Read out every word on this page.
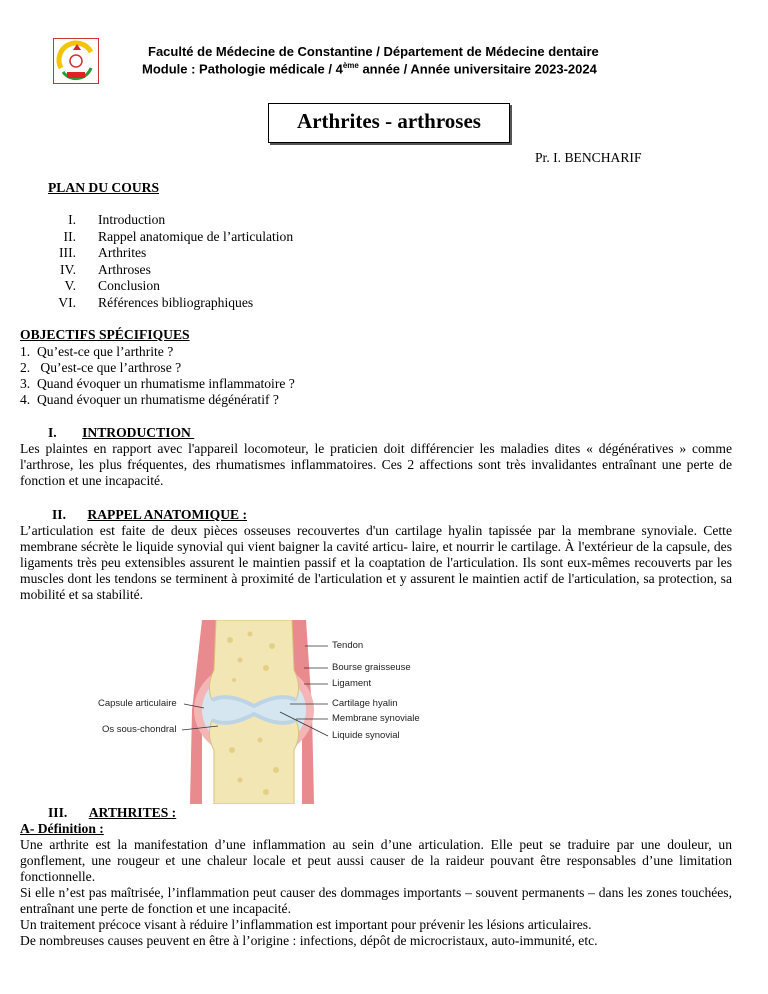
Faculté de Médecine de Constantine / Département de Médecine dentaire
Module : Pathologie médicale / 4ème année / Année universitaire 2023-2024
Arthrites - arthroses
Pr. I. BENCHARIF
PLAN DU COURS
I. Introduction
II. Rappel anatomique de l’articulation
III. Arthrites
IV. Arthroses
V. Conclusion
VI. Références bibliographiques
OBJECTIFS SPÉCIFIQUES
1.  Qu’est-ce que l’arthrite ?
2.   Qu’est-ce que l’arthrose ?
3.  Quand évoquer un rhumatisme inflammatoire ?
4.  Quand évoquer un rhumatisme dégénératif ?
I. INTRODUCTION
Les plaintes en rapport avec l'appareil locomoteur, le praticien doit différencier les maladies dites « dégénératives » comme l'arthrose, les plus fréquentes, des rhumatismes inflammatoires. Ces 2 affections sont très invalidantes entraînant une perte de fonction et une incapacité.
II. RAPPEL ANATOMIQUE :
L’articulation est faite de deux pièces osseuses recouvertes d'un cartilage hyalin tapissée par la membrane synoviale. Cette membrane sécrète le liquide synovial qui vient baigner la cavité articu- laire, et nourrir le cartilage. À l'extérieur de la capsule, des ligaments très peu extensibles assurent le maintien passif et la coaptation de l'articulation. Ils sont eux-mêmes recouverts par les muscles dont les tendons se terminent à proximité de l'articulation et y assurent le maintien actif de l'articulation, sa protection, sa mobilité et sa stabilité.
Tendon
Bourse graisseuse
Ligament
Cartilage hyalin
Membrane synoviale
Liquide synovial
Capsule articulaire
Os sous-chondral
III. ARTHRITES :
A- Définition :
Une arthrite est la manifestation d’une inflammation au sein d’une articulation. Elle peut se traduire par une douleur, un gonflement, une rougeur et une chaleur locale et peut aussi causer de la raideur pouvant être responsables d’une limitation fonctionnelle.
Si elle n’est pas maîtrisée, l’inflammation peut causer des dommages importants – souvent permanents – dans les zones touchées, entraînant une perte de fonction et une incapacité.
Un traitement précoce visant à réduire l’inflammation est important pour prévenir les lésions articulaires.
De nombreuses causes peuvent en être à l’origine : infections, dépôt de microcristaux, auto-immunité, etc.
